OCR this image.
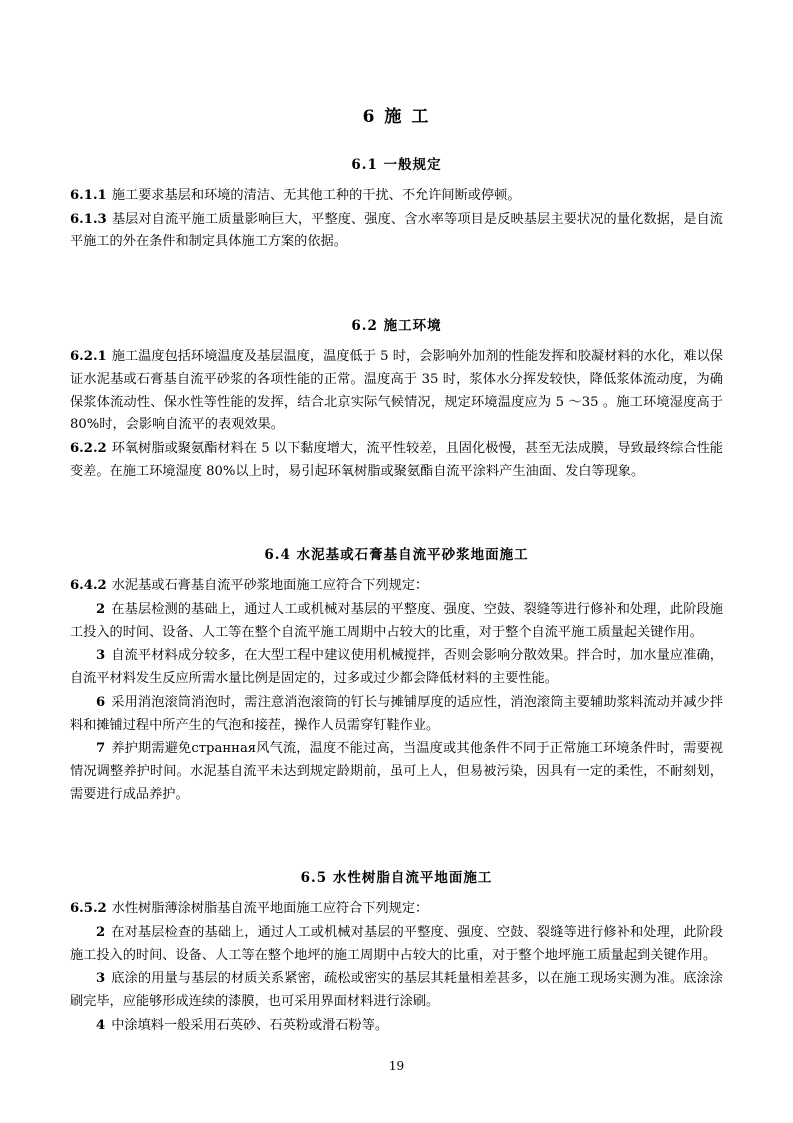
6 施 工
6.1 一般规定

6.1.1 施工要求基层和环境的清洁、无其他工种的干扰、不允许间断或停顿。

6.1.3 基层对自流平施工质量影响巨大，平整度、强度、含水率等项目是反映基层主要状况的量化数据，是自流平施工的外在条件和制定具体施工方案的依据。

6.2 施工环境

6.2.1 施工温度包括环境温度及基层温度，温度低于 5 时，会影响外加剂的性能发挥和胶凝材料的水化，难以保证水泥基或石膏基自流平砂浆的各项性能的正常。温度高于 35 时，浆体水分挥发较快，降低浆体流动度，为确保浆体流动性、保水性等性能的发挥，结合北京实际气候情况，规定环境温度应为 5 ～35 。施工环境湿度高于80%时，会影响自流平的表观效果。

6.2.2 环氧树脂或聚氨酯材料在 5 以下黏度增大，流平性较差，且固化极慢，甚至无法成膜，导致最终综合性能变差。在施工环境湿度 80%以上时，易引起环氧树脂或聚氨酯自流平涂料产生油面、发白等现象。

6.4 水泥基或石膏基自流平砂浆地面施工

6.4.2 水泥基或石膏基自流平砂浆地面施工应符合下列规定：

2 在基层检测的基础上，通过人工或机械对基层的平整度、强度、空鼓、裂缝等进行修补和处理，此阶段施工投入的时间、设备、人工等在整个自流平施工周期中占较大的比重，对于整个自流平施工质量起关键作用。

3 自流平材料成分较多，在大型工程中建议使用机械搅拌，否则会影响分散效果。拌合时，加水量应准确，自流平材料发生反应所需水量比例是固定的，过多或过少都会降低材料的主要性能。

6 采用消泡滚筒消泡时，需注意消泡滚筒的钉长与摊铺厚度的适应性，消泡滚筒主要辅助浆料流动并减少拌料和摊铺过程中所产生的气泡和接茬，操作人员需穿钉鞋作业。

7 养护期需避免странная风气流，温度不能过高，当温度或其他条件不同于正常施工环境条件时，需要视情况调整养护时间。水泥基自流平未达到规定龄期前，虽可上人，但易被污染，因具有一定的柔性，不耐刻划，需要进行成品养护。

6.5 水性树脂自流平地面施工

6.5.2 水性树脂薄涂树脂基自流平地面施工应符合下列规定：

2 在对基层检查的基础上，通过人工或机械对基层的平整度、强度、空鼓、裂缝等进行修补和处理，此阶段施工投入的时间、设备、人工等在整个地坪的施工周期中占较大的比重，对于整个地坪施工质量起到关键作用。

3 底涂的用量与基层的材质关系紧密，疏松或密实的基层其耗量相差甚多，以在施工现场实测为准。底涂涂刷完毕，应能够形成连续的漆膜，也可采用界面材料进行涂刷。

4 中涂填料一般采用石英砂、石英粉或滑石粉等。

19
